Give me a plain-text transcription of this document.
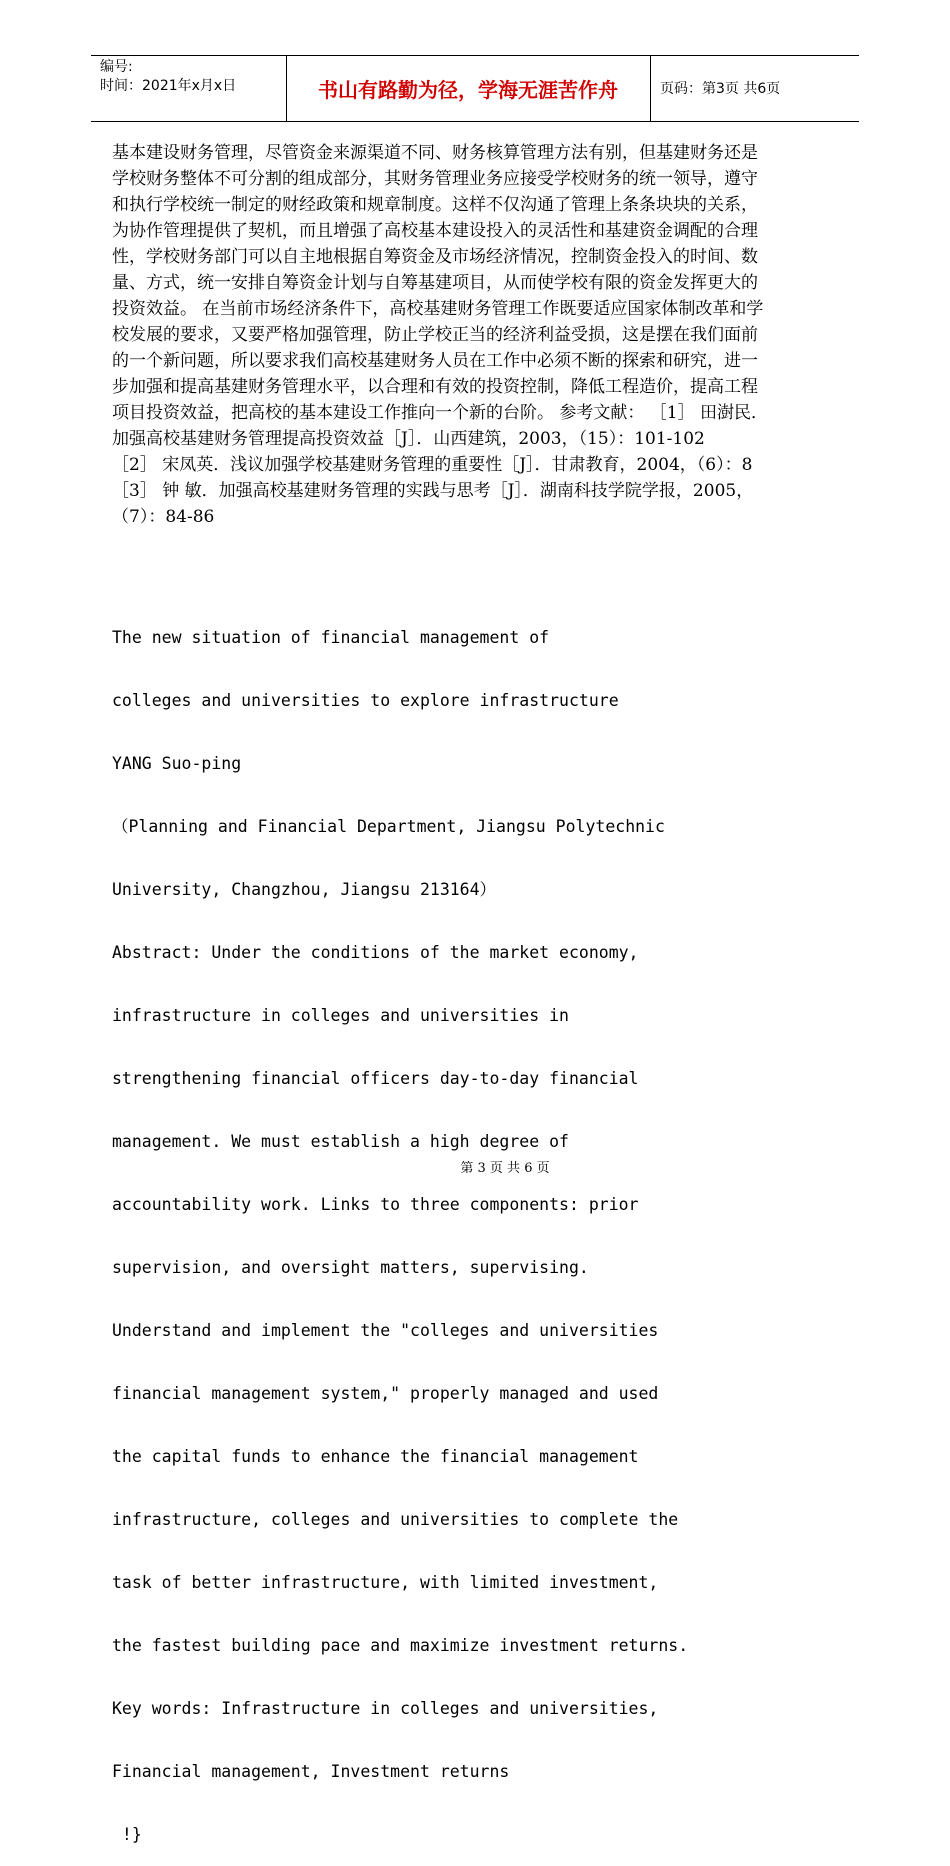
编号:
时间：2021年x月x日	书山有路勤为径，学海无涯苦作舟	页码：第3页 共6页

基本建设财务管理，尽管资金来源渠道不同、财务核算管理方法有别，但基建财务还是学校财务整体不可分割的组成部分，其财务管理业务应接受学校财务的统一领导，遵守和执行学校统一制定的财经政策和规章制度。这样不仅沟通了管理上条条块块的关系，为协作管理提供了契机，而且增强了高校基本建设投入的灵活性和基建资金调配的合理性，学校财务部门可以自主地根据自筹资金及市场经济情况，控制资金投入的时间、数量、方式，统一安排自筹资金计划与自筹基建项目，从而使学校有限的资金发挥更大的投资效益。 在当前市场经济条件下，高校基建财务管理工作既要适应国家体制改革和学校发展的要求，又要严格加强管理，防止学校正当的经济利益受损，这是摆在我们面前的一个新问题，所以要求我们高校基建财务人员在工作中必须不断的探索和研究，进一步加强和提高基建财务管理水平，以合理和有效的投资控制，降低工程造价，提高工程项目投资效益，把高校的基本建设工作推向一个新的台阶。 参考文献： ［1］ 田澍民．加强高校基建财务管理提高投资效益［J］．山西建筑，2003，（15）：101-102

［2］ 宋凤英．浅议加强学校基建财务管理的重要性［J］．甘肃教育，2004，（6）：8

［3］ 钟 敏．加强高校基建财务管理的实践与思考［J］．湖南科技学院学报，2005，（7）：84-86

The new situation of financial management of

colleges and universities to explore infrastructure

YANG Suo-ping

（Planning and Financial Department, Jiangsu Polytechnic

University, Changzhou, Jiangsu 213164）

Abstract: Under the conditions of the market economy,

infrastructure in colleges and universities in

strengthening financial officers day-to-day financial

management. We must establish a high degree of

accountability work. Links to three components: prior

supervision, and oversight matters, supervising.

Understand and implement the "colleges and universities

financial management system," properly managed and used

the capital funds to enhance the financial management

infrastructure, colleges and universities to complete the

task of better infrastructure, with limited investment,

the fastest building pace and maximize investment returns.

Key words: Infrastructure in colleges and universities,

Financial management, Investment returns

!}

第 3 页 共 6 页
